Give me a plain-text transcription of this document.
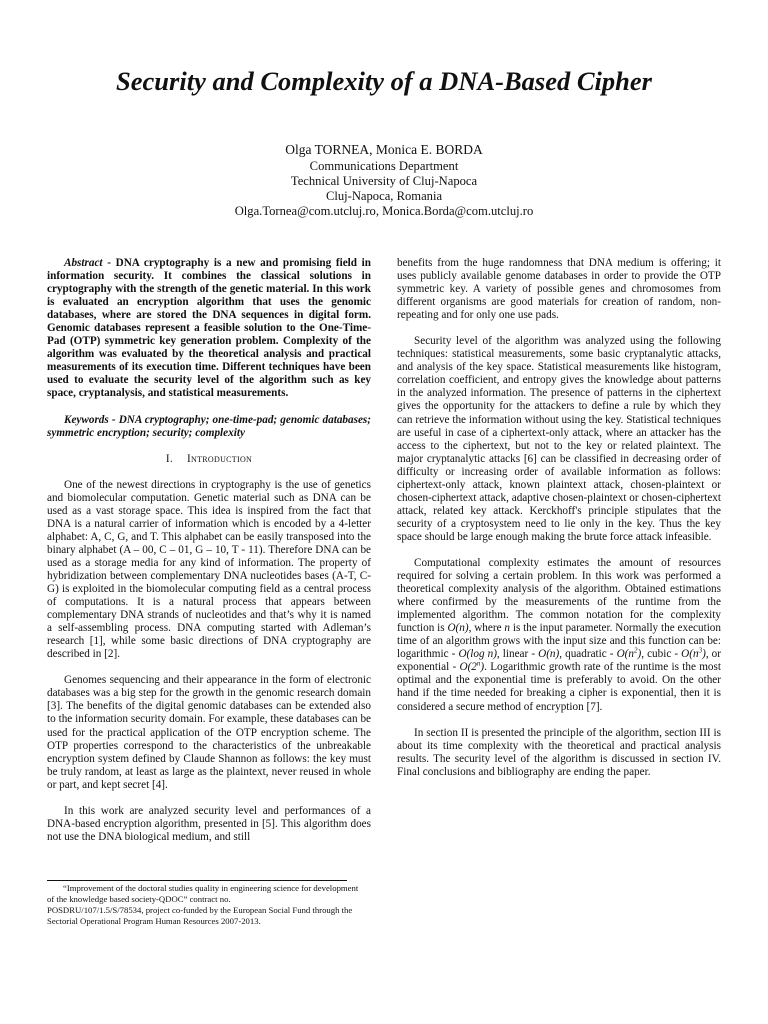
Security and Complexity of a DNA-Based Cipher
Olga TORNEA, Monica E. BORDA
Communications Department
Technical University of Cluj-Napoca
Cluj-Napoca, Romania
Olga.Tornea@com.utcluj.ro, Monica.Borda@com.utcluj.ro

Abstract - DNA cryptography is a new and promising field in information security. It combines the classical solutions in cryptography with the strength of the genetic material. In this work is evaluated an encryption algorithm that uses the genomic databases, where are stored the DNA sequences in digital form. Genomic databases represent a feasible solution to the One-Time-Pad (OTP) symmetric key generation problem. Complexity of the algorithm was evaluated by the theoretical analysis and practical measurements of its execution time. Different techniques have been used to evaluate the security level of the algorithm such as key space, cryptanalysis, and statistical measurements.

Keywords - DNA cryptography; one-time-pad; genomic databases; symmetric encryption; security; complexity

I. Introduction

One of the newest directions in cryptography is the use of genetics and biomolecular computation. Genetic material such as DNA can be used as a vast storage space. This idea is inspired from the fact that DNA is a natural carrier of information which is encoded by a 4-letter alphabet: A, C, G, and T. This alphabet can be easily transposed into the binary alphabet (A – 00, C – 01, G – 10, T - 11). Therefore DNA can be used as a storage media for any kind of information. The property of hybridization between complementary DNA nucleotides bases (A-T, C-G) is exploited in the biomolecular computing field as a central process of computations. It is a natural process that appears between complementary DNA strands of nucleotides and that’s why it is named a self-assembling process. DNA computing started with Adleman’s research [1], while some basic directions of DNA cryptography are described in [2].

Genomes sequencing and their appearance in the form of electronic databases was a big step for the growth in the genomic research domain [3]. The benefits of the digital genomic databases can be extended also to the information security domain. For example, these databases can be used for the practical application of the OTP encryption scheme. The OTP properties correspond to the characteristics of the unbreakable encryption system defined by Claude Shannon as follows: the key must be truly random, at least as large as the plaintext, never reused in whole or part, and kept secret [4].

In this work are analyzed security level and performances of a DNA-based encryption algorithm, presented in [5]. This algorithm does not use the DNA biological medium, and still

benefits from the huge randomness that DNA medium is offering; it uses publicly available genome databases in order to provide the OTP symmetric key. A variety of possible genes and chromosomes from different organisms are good materials for creation of random, non-repeating and for only one use pads.

Security level of the algorithm was analyzed using the following techniques: statistical measurements, some basic cryptanalytic attacks, and analysis of the key space. Statistical measurements like histogram, correlation coefficient, and entropy gives the knowledge about patterns in the analyzed information. The presence of patterns in the ciphertext gives the opportunity for the attackers to define a rule by which they can retrieve the information without using the key. Statistical techniques are useful in case of a ciphertext-only attack, where an attacker has the access to the ciphertext, but not to the key or related plaintext. The major cryptanalytic attacks [6] can be classified in decreasing order of difficulty or increasing order of available information as follows: ciphertext-only attack, known plaintext attack, chosen-plaintext or chosen-ciphertext attack, adaptive chosen-plaintext or chosen-ciphertext attack, related key attack. Kerckhoff's principle stipulates that the security of a cryptosystem need to lie only in the key. Thus the key space should be large enough making the brute force attack infeasible.

Computational complexity estimates the amount of resources required for solving a certain problem. In this work was performed a theoretical complexity analysis of the algorithm. Obtained estimations where confirmed by the measurements of the runtime from the implemented algorithm. The common notation for the complexity function is O(n), where n is the input parameter. Normally the execution time of an algorithm grows with the input size and this function can be: logarithmic - O(log n), linear - O(n), quadratic - $O(n^2)$, cubic - $O(n^3)$, or exponential - O(2$^n$). Logarithmic growth rate of the runtime is the most optimal and the exponential time is preferably to avoid. On the other hand if the time needed for breaking a cipher is exponential, then it is considered a secure method of encryption [7].

In section II is presented the principle of the algorithm, section III is about its time complexity with the theoretical and practical analysis results. The security level of the algorithm is discussed in section IV. Final conclusions and bibliography are ending the paper.

“Improvement of the doctoral studies quality in engineering science for development of the knowledge based society-QDOC” contract no.

POSDRU/107/1.5/S/78534, project co-funded by the European Social Fund through the Sectorial Operational Program Human Resources 2007-2013.
